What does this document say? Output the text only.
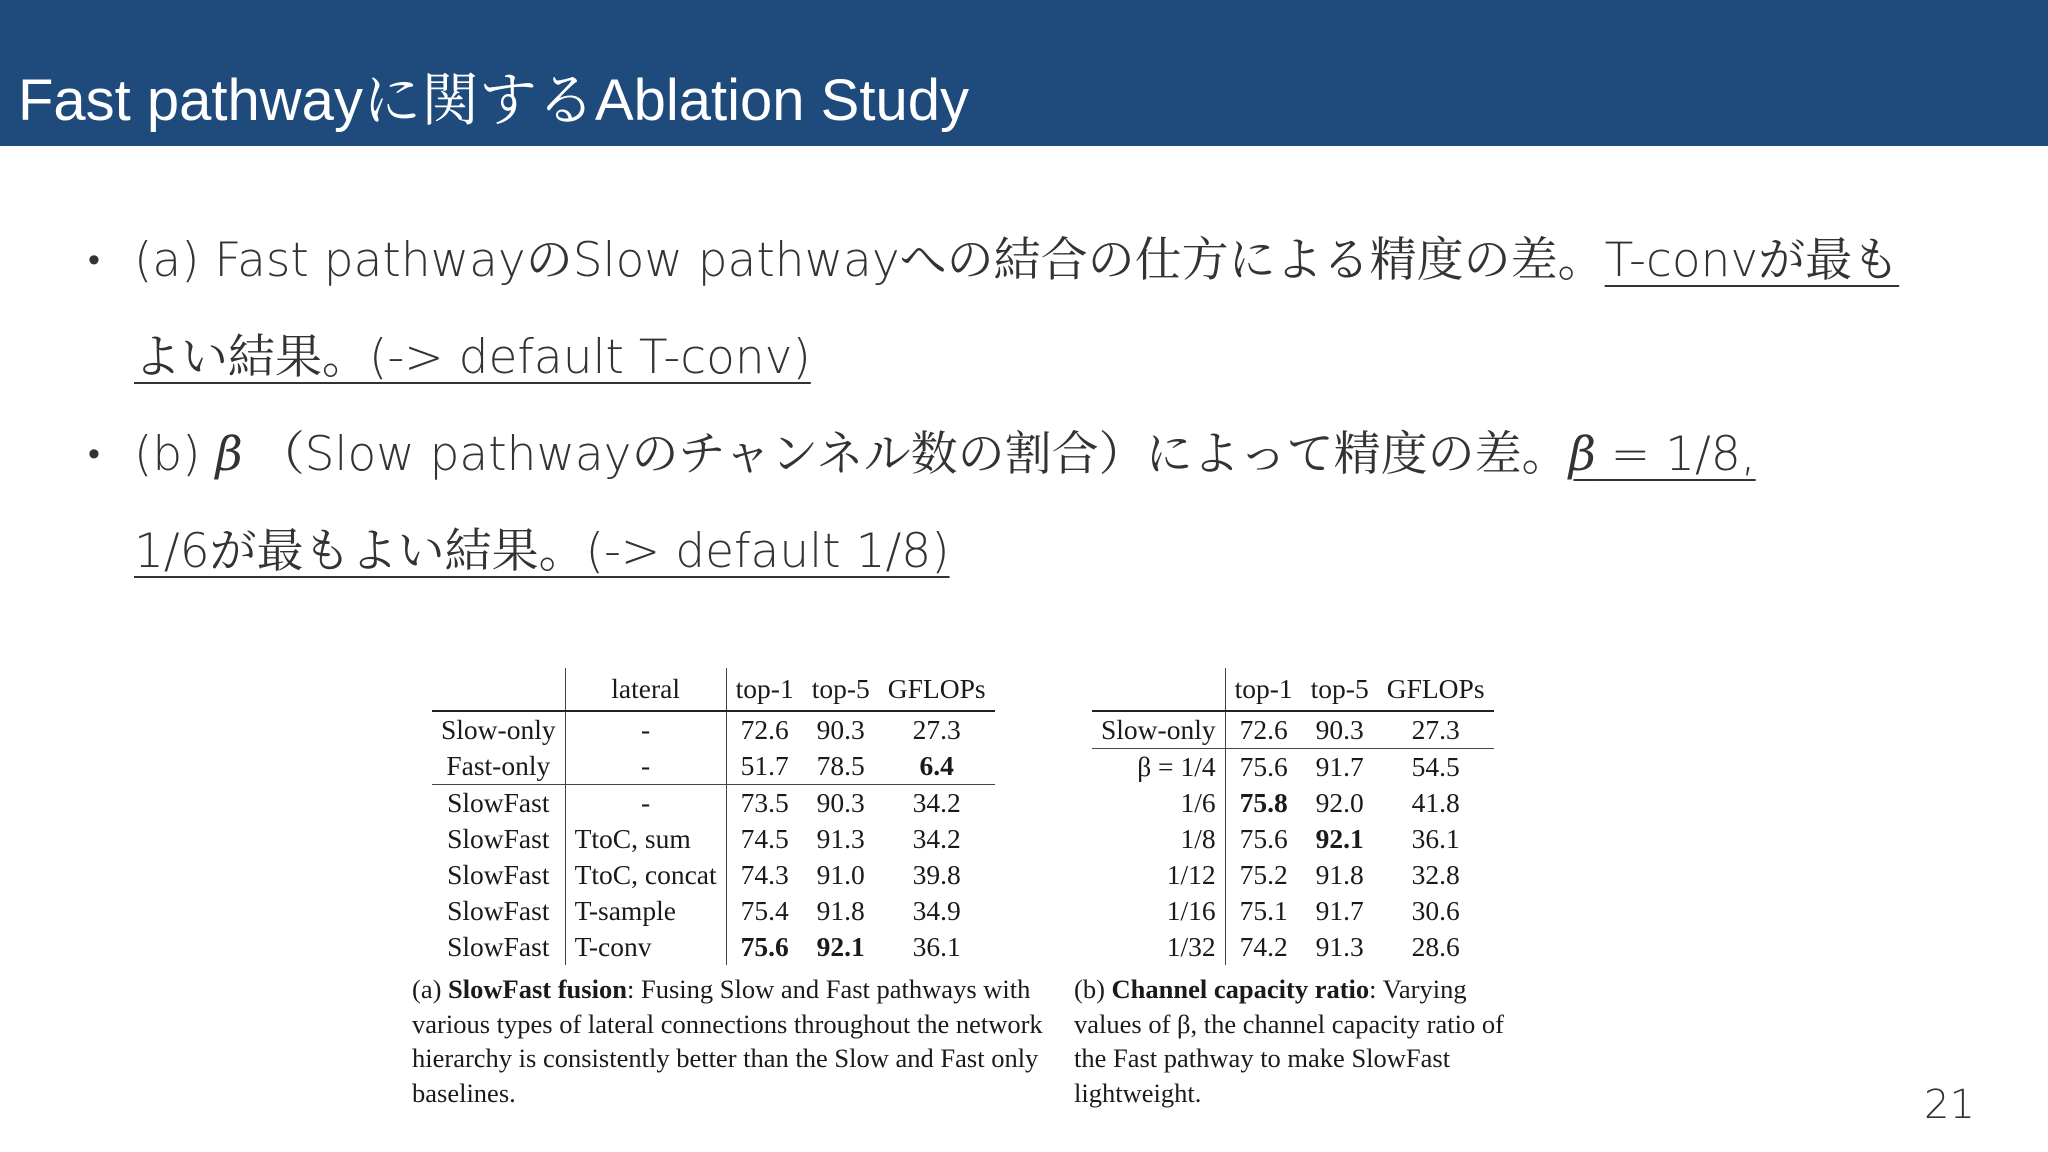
Fast pathwayに関するAblation Study
• (a) Fast pathwayのSlow pathwayへの結合の仕方による精度の差。T-convが最も
よい結果。(-> default T-conv)
• (b) β （Slow pathwayのチャンネル数の割合）によって精度の差。β = 1/8,
1/6が最もよい結果。(-> default 1/8)
	lateral	top-1	top-5	GFLOPs
Slow-only	-	72.6	90.3	27.3
Fast-only	-	51.7	78.5	6.4
SlowFast	-	73.5	90.3	34.2
SlowFast	TtoC, sum	74.5	91.3	34.2
SlowFast	TtoC, concat	74.3	91.0	39.8
SlowFast	T-sample	75.4	91.8	34.9
SlowFast	T-conv	75.6	92.1	36.1
	top-1	top-5	GFLOPs
Slow-only	72.6	90.3	27.3
β = 1/4	75.6	91.7	54.5
1/6	75.8	92.0	41.8
1/8	75.6	92.1	36.1
1/12	75.2	91.8	32.8
1/16	75.1	91.7	30.6
1/32	74.2	91.3	28.6
(a) SlowFast fusion: Fusing Slow and Fast pathways with various types of lateral connections throughout the network hierarchy is consistently better than the Slow and Fast only baselines.
(b) Channel capacity ratio: Varying values of β, the channel capacity ratio of the Fast pathway to make SlowFast lightweight.	21
